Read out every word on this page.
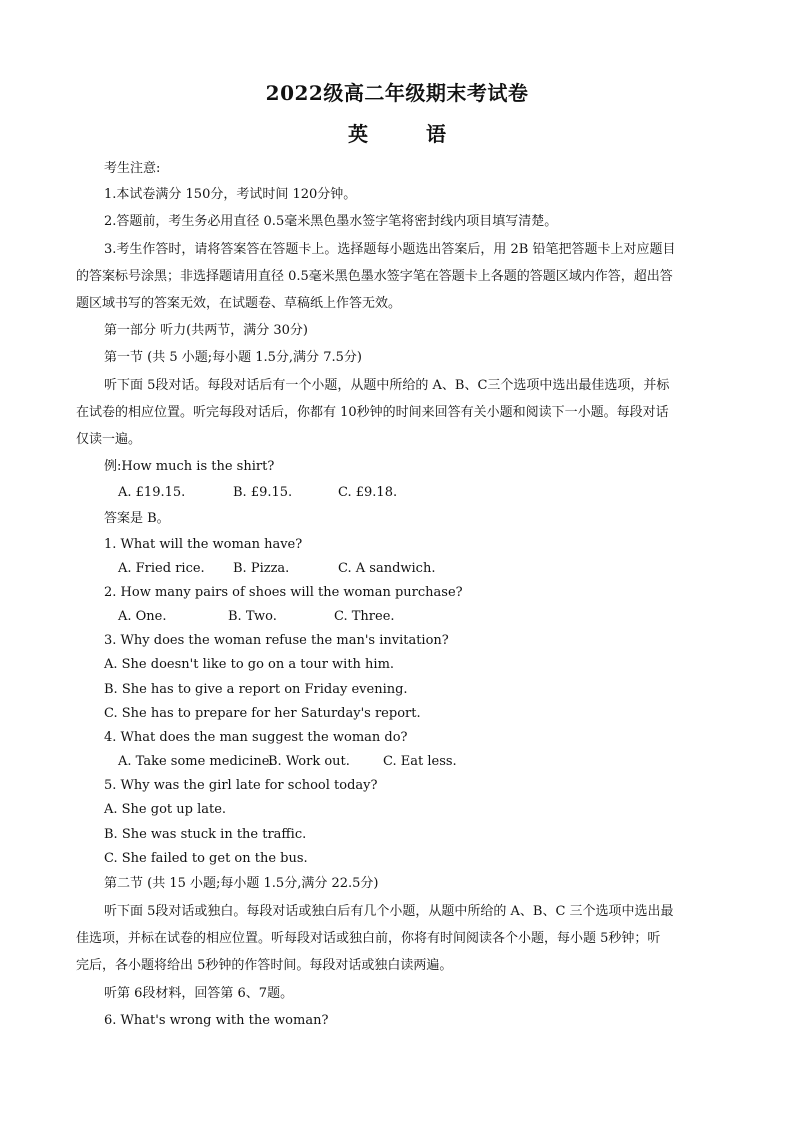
2022级高二年级期末考试卷
英	语
考生注意:
1.本试卷满分 150分，考试时间 120分钟。
2.答题前，考生务必用直径 0.5毫米黑色墨水签字笔将密封线内项目填写清楚。
3.考生作答时，请将答案答在答题卡上。选择题每小题选出答案后，用 2B 铅笔把答题卡上对应题目
的答案标号涂黑；非选择题请用直径 0.5毫米黑色墨水签字笔在答题卡上各题的答题区域内作答，超出答
题区域书写的答案无效，在试题卷、草稿纸上作答无效。
第一部分 听力(共两节，满分 30分)
第一节 (共 5 小题;每小题 1.5分,满分 7.5分)
听下面 5段对话。每段对话后有一个小题，从题中所给的 A、B、C三个选项中选出最佳选项，并标
在试卷的相应位置。听完每段对话后，你都有 10秒钟的时间来回答有关小题和阅读下一小题。每段对话
仅读一遍。
例:How much is the shirt?
A. £19.15.	B. £9.15.	C. £9.18.
答案是 B。
1. What will the woman have?
A. Fried rice. B. Pizza.	C. A sandwich.
2. How many pairs of shoes will the woman purchase?
A. One.	B. Two.	C. Three.
3. Why does the woman refuse the man's invitation?
A. She doesn't like to go on a tour with him.
B. She has to give a report on Friday evening.
C. She has to prepare for her Saturday's report.
4. What does the man suggest the woman do?
A. Take some medicine.B. Work out.	C. Eat less.
5. Why was the girl late for school today?
A. She got up late.
B. She was stuck in the traffic.
C. She failed to get on the bus.
第二节 (共 15 小题;每小题 1.5分,满分 22.5分)
听下面 5段对话或独白。每段对话或独白后有几个小题，从题中所给的 A、B、C 三个选项中选出最
佳选项，并标在试卷的相应位置。听每段对话或独白前，你将有时间阅读各个小题，每小题 5秒钟；听
完后，各小题将给出 5秒钟的作答时间。每段对话或独白读两遍。
听第 6段材料，回答第 6、7题。
6. What's wrong with the woman?
